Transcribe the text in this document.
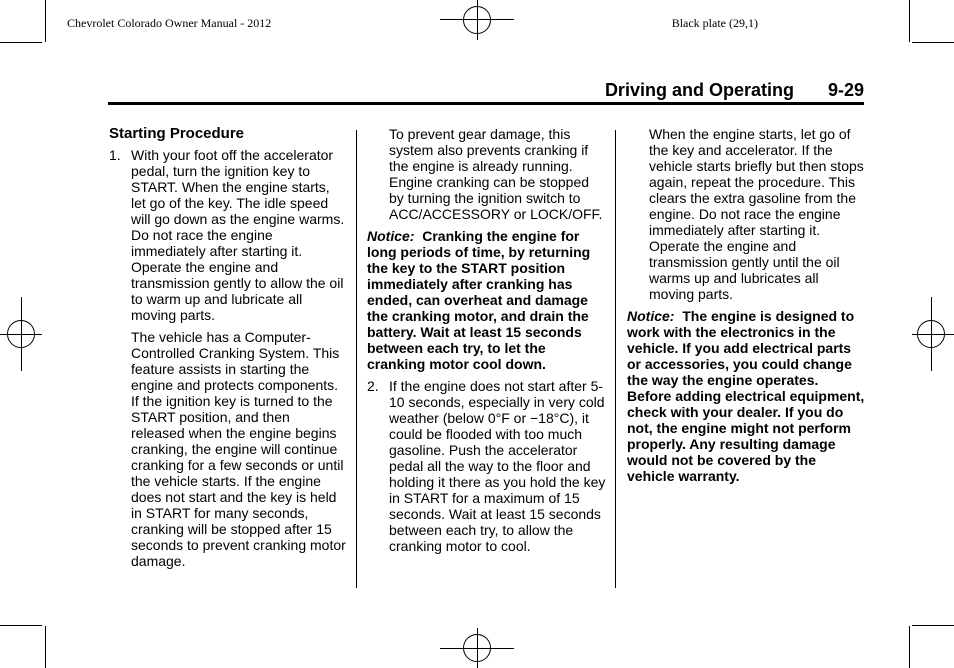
Chevrolet Colorado Owner Manual - 2012	Black plate (29,1)
Driving and Operating 9-29

Starting Procedure

1. With your foot off the accelerator pedal, turn the ignition key to START. When the engine starts, let go of the key. The idle speed will go down as the engine warms. Do not race the engine immediately after starting it. Operate the engine and transmission gently to allow the oil to warm up and lubricate all moving parts.

The vehicle has a Computer-Controlled Cranking System. This feature assists in starting the engine and protects components. If the ignition key is turned to the START position, and then released when the engine begins cranking, the engine will continue cranking for a few seconds or until the vehicle starts. If the engine does not start and the key is held in START for many seconds, cranking will be stopped after 15 seconds to prevent cranking motor damage.

To prevent gear damage, this system also prevents cranking if the engine is already running. Engine cranking can be stopped by turning the ignition switch to ACC/ACCESSORY or LOCK/OFF.

Notice: Cranking the engine for long periods of time, by returning the key to the START position immediately after cranking has ended, can overheat and damage the cranking motor, and drain the battery. Wait at least 15 seconds between each try, to let the cranking motor cool down.

2. If the engine does not start after 5-10 seconds, especially in very cold weather (below 0°F or −18°C), it could be flooded with too much gasoline. Push the accelerator pedal all the way to the floor and holding it there as you hold the key in START for a maximum of 15 seconds. Wait at least 15 seconds between each try, to allow the cranking motor to cool.

When the engine starts, let go of the key and accelerator. If the vehicle starts briefly but then stops again, repeat the procedure. This clears the extra gasoline from the engine. Do not race the engine immediately after starting it. Operate the engine and transmission gently until the oil warms up and lubricates all moving parts.

Notice: The engine is designed to work with the electronics in the vehicle. If you add electrical parts or accessories, you could change the way the engine operates. Before adding electrical equipment, check with your dealer. If you do not, the engine might not perform properly. Any resulting damage would not be covered by the vehicle warranty.
